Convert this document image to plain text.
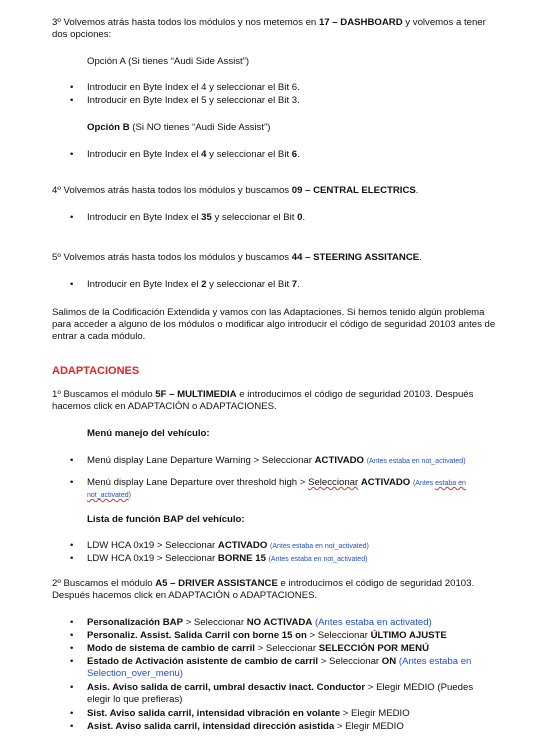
3º Volvemos atrás hasta todos los módulos y nos metemos en 17 – DASHBOARD y volvemos a tener dos opciones:

Opción A (Si tienes “Audi Side Assist”)

• Introducir en Byte Index el 4 y seleccionar el Bit 6.
• Introducir en Byte Index el 5 y seleccionar el Bit 3.

Opción B (Si NO tienes “Audi Side Assist”)

• Introducir en Byte Index el 4 y seleccionar el Bit 6.

4º Volvemos atrás hasta todos los módulos y buscamos 09 – CENTRAL ELECTRICS.

• Introducir en Byte Index el 35 y seleccionar el Bit 0.

5º Volvemos atrás hasta todos los módulos y buscamos 44 – STEERING ASSITANCE.

• Introducir en Byte Index el 2 y seleccionar el Bit 7.

Salimos de la Codificación Extendida y vamos con las Adaptaciones. Si hemos tenido algún problema para acceder a alguno de los módulos o modificar algo introducir el código de seguridad 20103 antes de entrar a cada módulo.

ADAPTACIONES

1º Buscamos el módulo 5F – MULTIMEDIA e introducimos el código de seguridad 20103. Después hacemos click en ADAPTACIÓN o ADAPTACIONES.

Menú manejo del vehículo:

• Menú display Lane Departure Warning > Seleccionar ACTIVADO (Antes estaba en not_activated)
• Menú display Lane Departure over threshold high > Seleccionar ACTIVADO (Antes estaba en not_activated)

Lista de función BAP del vehículo:

• LDW HCA 0x19 > Seleccionar ACTIVADO (Antes estaba en not_activated)
• LDW HCA 0x19 > Seleccionar BORNE 15 (Antes estaba en not_activated)

2º Buscamos el módulo A5 – DRIVER ASSISTANCE e introducimos el código de seguridad 20103. Después hacemos click en ADAPTACIÓN o ADAPTACIONES.

• Personalización BAP > Seleccionar NO ACTIVADA (Antes estaba en activated)
• Personaliz. Assist. Salida Carril con borne 15 on > Seleccionar ÚLTIMO AJUSTE
• Modo de sistema de cambio de carril > Seleccionar SELECCIÓN POR MENÚ
• Estado de Activación asistente de cambio de carril > Seleccionar ON (Antes estaba en Selection_over_menu)
• Asis. Aviso salida de carril, umbral desactiv inact. Conductor > Elegir MEDIO (Puedes elegir lo que prefieras)
• Sist. Aviso salida carril, intensidad vibración en volante > Elegir MEDIO
• Asist. Aviso salida carril, intensidad dirección asistida > Elegir MEDIO
